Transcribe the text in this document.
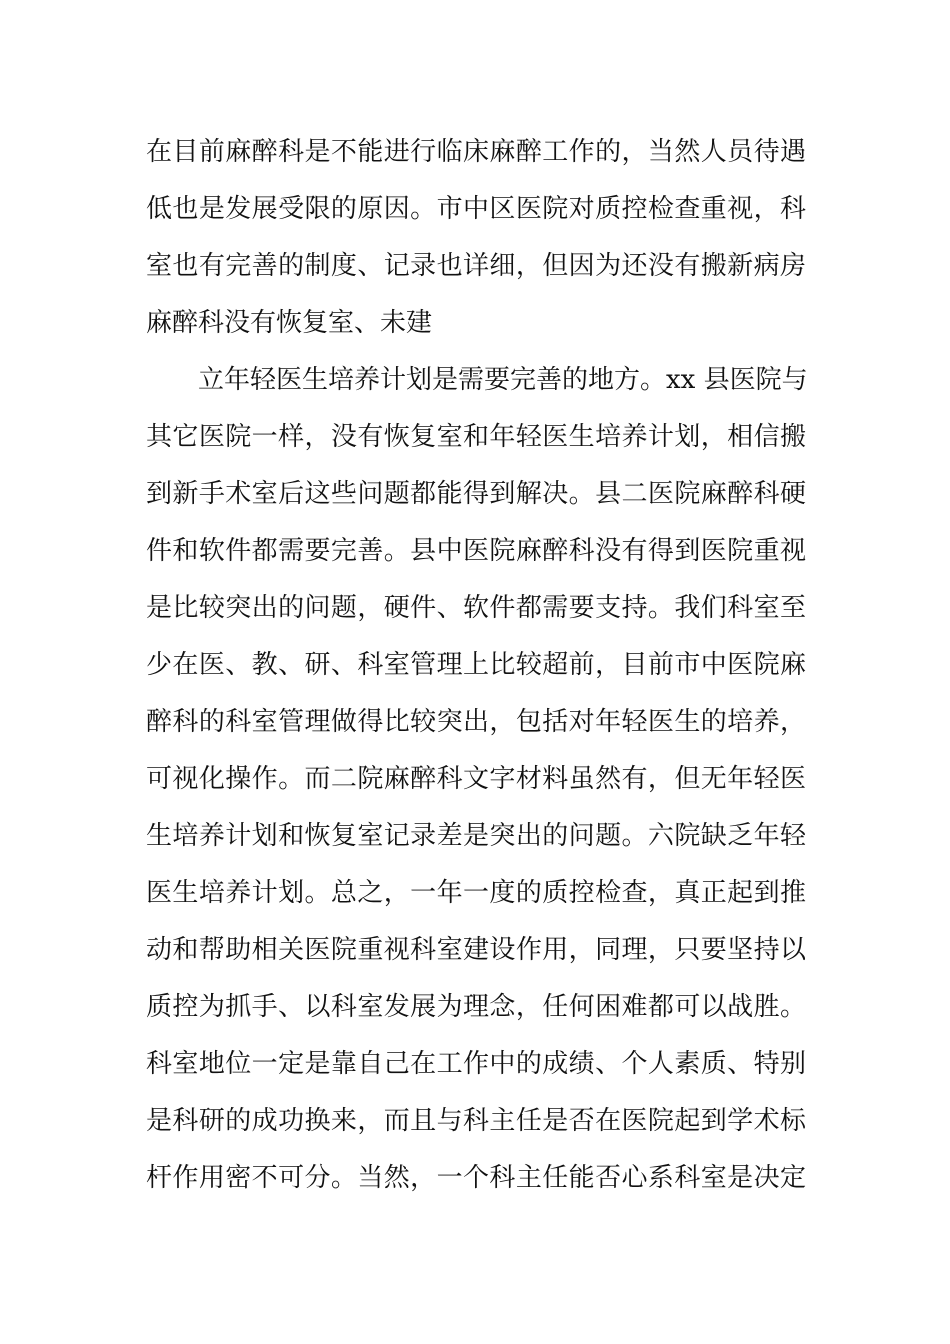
在目前麻醉科是不能进行临床麻醉工作的，当然人员待遇
低也是发展受限的原因。市中区医院对质控检查重视，科
室也有完善的制度、记录也详细，但因为还没有搬新病房
麻醉科没有恢复室、未建
立年轻医生培养计划是需要完善的地方。xx 县医院与
其它医院一样，没有恢复室和年轻医生培养计划，相信搬
到新手术室后这些问题都能得到解决。县二医院麻醉科硬
件和软件都需要完善。县中医院麻醉科没有得到医院重视
是比较突出的问题，硬件、软件都需要支持。我们科室至
少在医、教、研、科室管理上比较超前，目前市中医院麻
醉科的科室管理做得比较突出，包括对年轻医生的培养，
可视化操作。而二院麻醉科文字材料虽然有，但无年轻医
生培养计划和恢复室记录差是突出的问题。六院缺乏年轻
医生培养计划。总之，一年一度的质控检查，真正起到推
动和帮助相关医院重视科室建设作用，同理，只要坚持以
质控为抓手、以科室发展为理念，任何困难都可以战胜。
科室地位一定是靠自己在工作中的成绩、个人素质、特别
是科研的成功换来，而且与科主任是否在医院起到学术标
杆作用密不可分。当然，一个科主任能否心系科室是决定
